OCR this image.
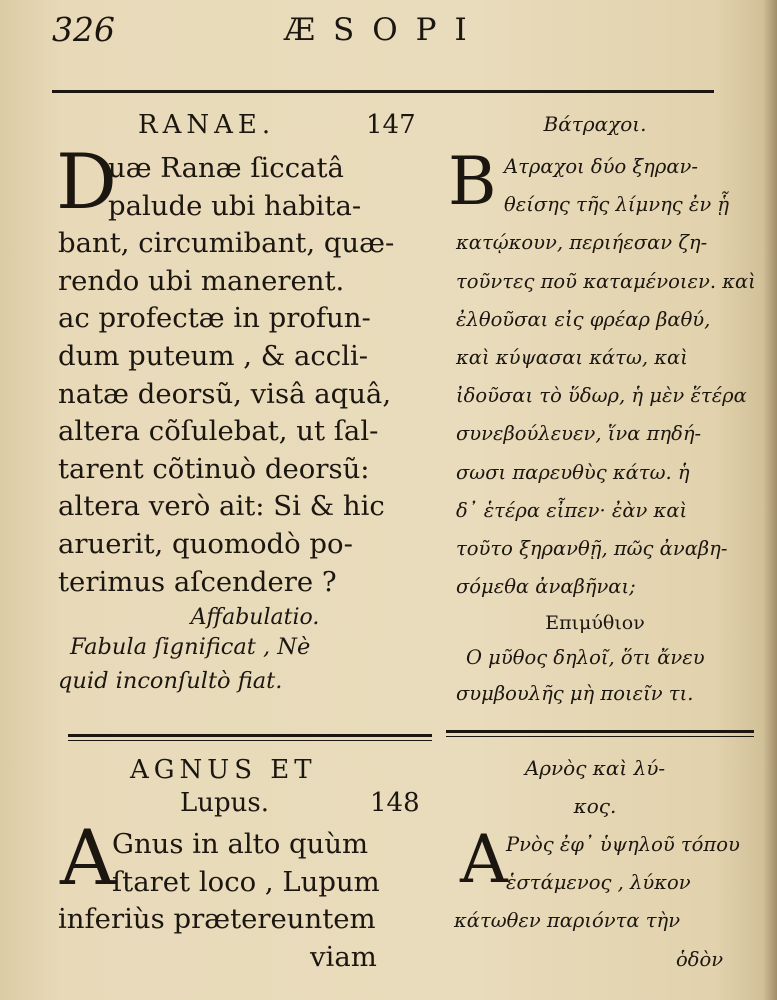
326	ÆSOPI
RANAE.	147
D
uæ Ranæ ſiccatâ
palude ubi habita-
bant, circumibant, quæ-
rendo ubi manerent.
ac profectæ in profun-
dum puteum , & accli-
natæ deorsũ, visâ aquâ,
altera cõſulebat, ut ſal-
tarent cõtinuò deorsũ:
altera verò ait: Si & hic
aruerit, quomodò po-
terimus aſcendere ?
Affabulatio.
Fabula ſignificat , Nè
quid inconſultò fiat.
Βάτραχοι.
B Ατραχοι δύο ξηραν-
θείσης τῆς λίμνης ἐν ᾗ
κατῴκουν, περιήεσαν ζη-
τοῦντες ποῦ καταμένοιεν. καὶ
ἐλθοῦσαι εἰς φρέαρ βαθύ,
καὶ κύψασαι κάτω, καὶ
ἰδοῦσαι τὸ ὕδωρ, ἡ μὲν ἕτέρα
συνεβούλευεν, ἵνα πηδή-
σωσι παρευθὺς κάτω. ἡ
δ᾽ ἑτέρα εἶπεν· ἐὰν καὶ
τοῦτο ξηρανθῇ, πῶς ἀναβη-
σόμεθα ἀναβῆναι;
Επιμύθιον
Ο μῦθος δηλοῖ, ὅτι ἄνευ
συμβουλῆς μὴ ποιεῖν τι.
AGNUS ET
Lupus.	148
A
Gnus in alto quùm
ſtaret loco , Lupum
inferiùs prætereuntem
viam
Αρνὸς καὶ λύ-
κος.
A
Ρνὸς ἐφ᾽ ὑψηλοῦ τόπου
ἑστάμενος , λύκον
κάτωθεν παριόντα τὴν
ὁδὸν
